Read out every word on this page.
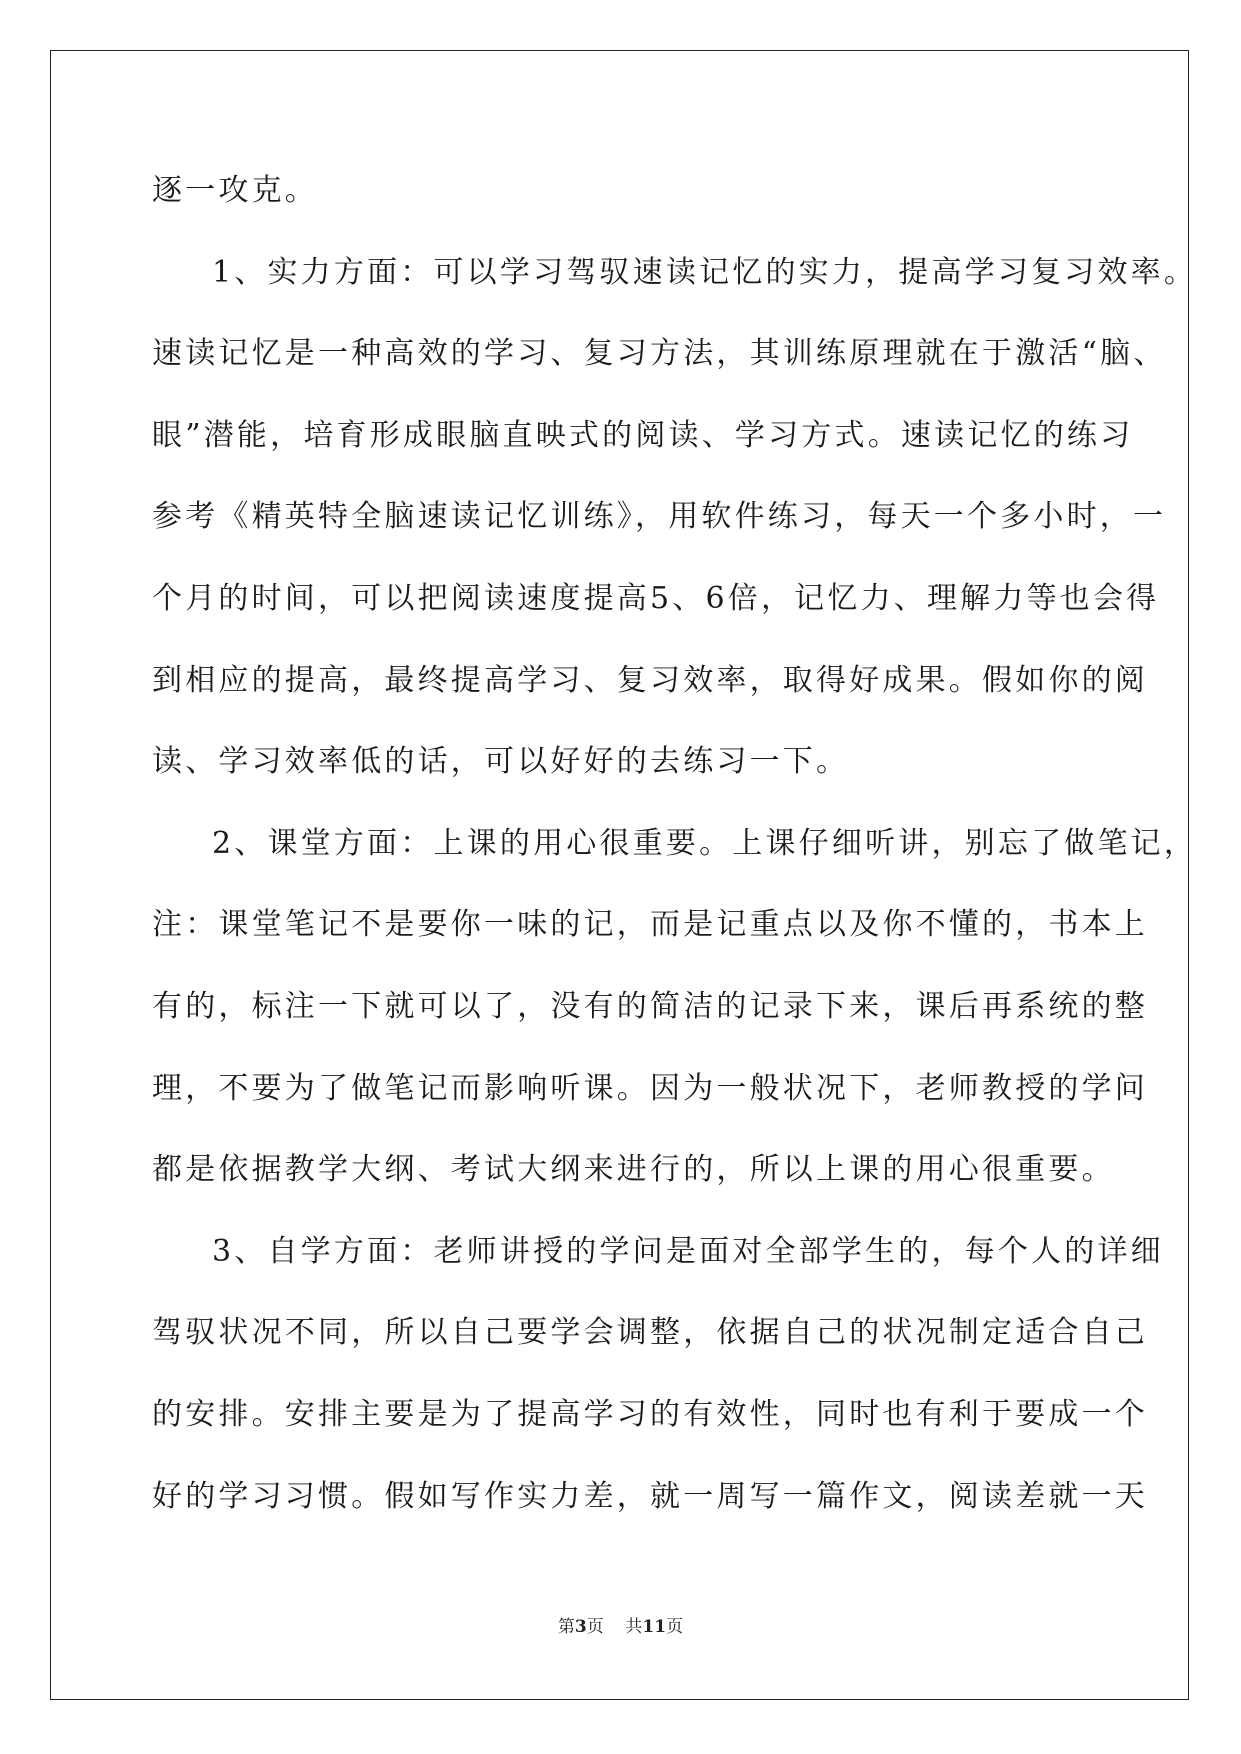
逐一攻克。
1、实力方面：可以学习驾驭速读记忆的实力，提高学习复习效率。
速读记忆是一种高效的学习、复习方法，其训练原理就在于激活“脑、
眼”潜能，培育形成眼脑直映式的阅读、学习方式。速读记忆的练习
参考《精英特全脑速读记忆训练》，用软件练习，每天一个多小时，一
个月的时间，可以把阅读速度提高5、6倍，记忆力、理解力等也会得
到相应的提高，最终提高学习、复习效率，取得好成果。假如你的阅
读、学习效率低的话，可以好好的去练习一下。
2、课堂方面：上课的用心很重要。上课仔细听讲，别忘了做笔记，
注：课堂笔记不是要你一味的记，而是记重点以及你不懂的，书本上
有的，标注一下就可以了，没有的简洁的记录下来，课后再系统的整
理，不要为了做笔记而影响听课。因为一般状况下，老师教授的学问
都是依据教学大纲、考试大纲来进行的，所以上课的用心很重要。
3、自学方面：老师讲授的学问是面对全部学生的，每个人的详细
驾驭状况不同，所以自己要学会调整，依据自己的状况制定适合自己
的安排。安排主要是为了提高学习的有效性，同时也有利于要成一个
好的学习习惯。假如写作实力差，就一周写一篇作文，阅读差就一天
第3页 共11页
